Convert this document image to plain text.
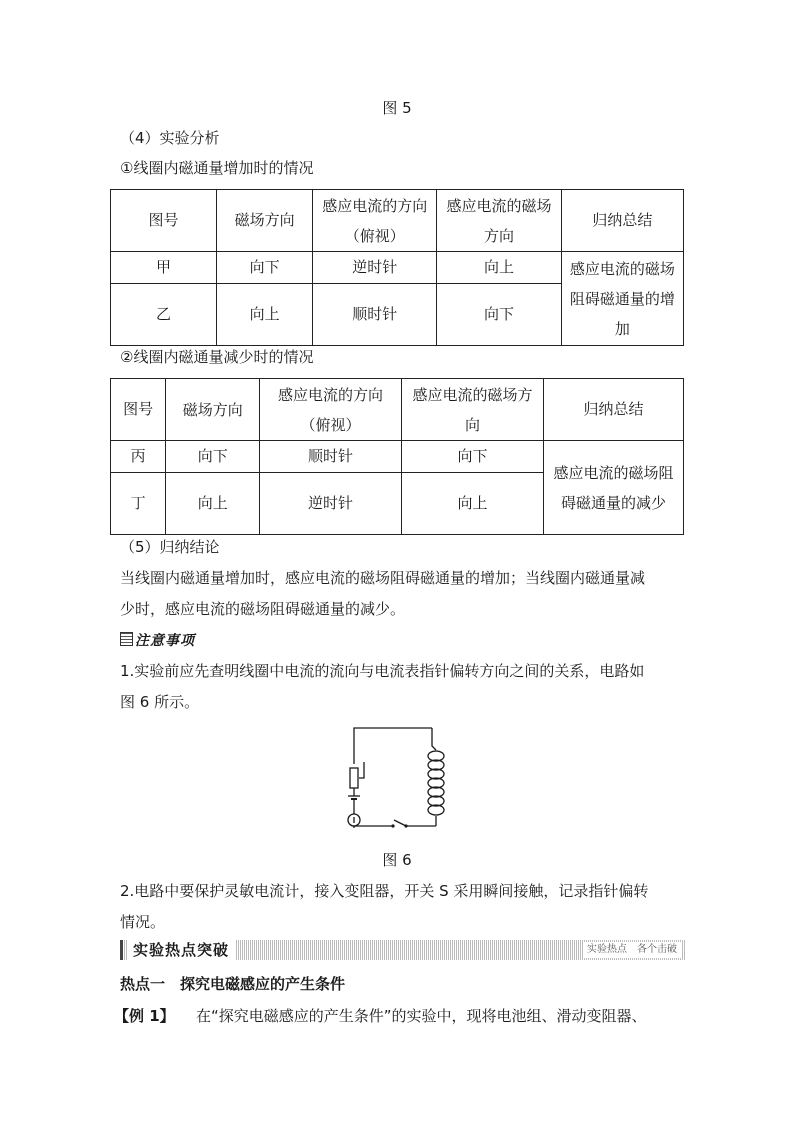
图 5
（4）实验分析
①线圈内磁通量增加时的情况
图号	磁场方向	感应电流的方向（俯视）	感应电流的磁场方向	归纳总结
甲	向下	逆时针	向上	感应电流的磁场阻碍磁通量的增加
乙	向上	顺时针	向下	
②线圈内磁通量减少时的情况
图号	磁场方向	感应电流的方向（俯视）	感应电流的磁场方向	归纳总结
丙	向下	顺时针	向下	感应电流的磁场阻碍磁通量的减少
丁	向上	逆时针	向上	
（5）归纳结论
当线圈内磁通量增加时，感应电流的磁场阻碍磁通量的增加；当线圈内磁通量减
少时，感应电流的磁场阻碍磁通量的减少。
注意事项
1.实验前应先查明线圈中电流的流向与电流表指针偏转方向之间的关系，电路如
图 6 所示。
图 6
2.电路中要保护灵敏电流计，接入变阻器，开关 S 采用瞬间接触，记录指针偏转
情况。
实验热点突破	实验热点　各个击破
热点一　探究电磁感应的产生条件
【例 1】 在“探究电磁感应的产生条件”的实验中，现将电池组、滑动变阻器、
